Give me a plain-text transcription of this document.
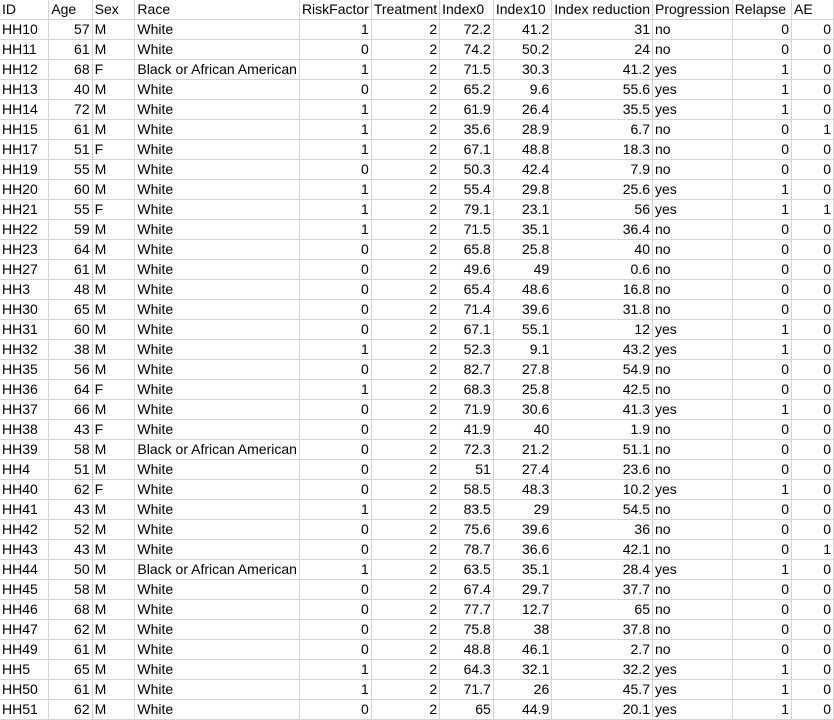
ID	Age	Sex	Race	RiskFactor	Treatment	Index0	Index10	Index reduction	Progression	Relapse	AE
HH10	57	M	White	1	2	72.2	41.2	31	no	0	0
HH11	61	M	White	0	2	74.2	50.2	24	no	0	0
HH12	68	F	Black or African American	1	2	71.5	30.3	41.2	yes	1	0
HH13	40	M	White	0	2	65.2	9.6	55.6	yes	1	0
HH14	72	M	White	1	2	61.9	26.4	35.5	yes	1	0
HH15	61	M	White	1	2	35.6	28.9	6.7	no	0	1
HH17	51	F	White	1	2	67.1	48.8	18.3	no	0	0
HH19	55	M	White	0	2	50.3	42.4	7.9	no	0	0
HH20	60	M	White	1	2	55.4	29.8	25.6	yes	1	0
HH21	55	F	White	1	2	79.1	23.1	56	yes	1	1
HH22	59	M	White	1	2	71.5	35.1	36.4	no	0	0
HH23	64	M	White	0	2	65.8	25.8	40	no	0	0
HH27	61	M	White	0	2	49.6	49	0.6	no	0	0
HH3	48	M	White	0	2	65.4	48.6	16.8	no	0	0
HH30	65	M	White	0	2	71.4	39.6	31.8	no	0	0
HH31	60	M	White	0	2	67.1	55.1	12	yes	1	0
HH32	38	M	White	1	2	52.3	9.1	43.2	yes	1	0
HH35	56	M	White	0	2	82.7	27.8	54.9	no	0	0
HH36	64	F	White	1	2	68.3	25.8	42.5	no	0	0
HH37	66	M	White	0	2	71.9	30.6	41.3	yes	1	0
HH38	43	F	White	0	2	41.9	40	1.9	no	0	0
HH39	58	M	Black or African American	0	2	72.3	21.2	51.1	no	0	0
HH4	51	M	White	0	2	51	27.4	23.6	no	0	0
HH40	62	F	White	0	2	58.5	48.3	10.2	yes	1	0
HH41	43	M	White	1	2	83.5	29	54.5	no	0	0
HH42	52	M	White	0	2	75.6	39.6	36	no	0	0
HH43	43	M	White	0	2	78.7	36.6	42.1	no	0	1
HH44	50	M	Black or African American	1	2	63.5	35.1	28.4	yes	1	0
HH45	58	M	White	0	2	67.4	29.7	37.7	no	0	0
HH46	68	M	White	0	2	77.7	12.7	65	no	0	0
HH47	62	M	White	0	2	75.8	38	37.8	no	0	0
HH49	61	M	White	0	2	48.8	46.1	2.7	no	0	0
HH5	65	M	White	1	2	64.3	32.1	32.2	yes	1	0
HH50	61	M	White	1	2	71.7	26	45.7	yes	1	0
HH51	62	M	White	0	2	65	44.9	20.1	yes	1	0
